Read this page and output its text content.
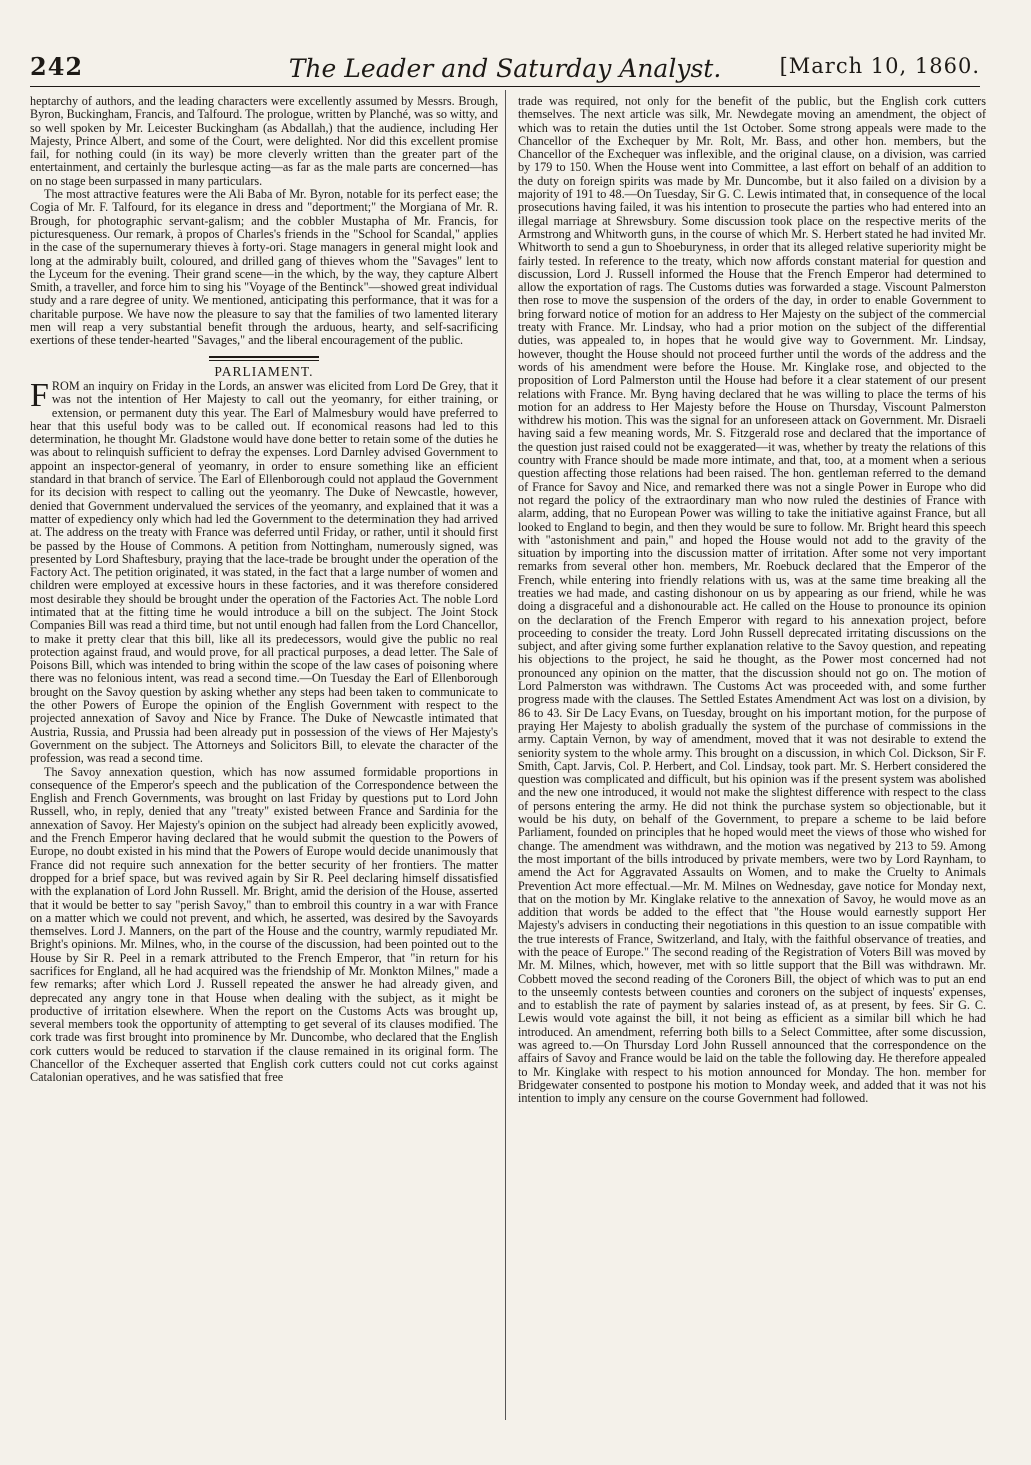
242	The Leader and Saturday Analyst.	[March 10, 1860.

heptarchy of authors, and the leading characters were excellently assumed by Messrs. Brough, Byron, Buckingham, Francis, and Talfourd. The prologue, written by Planché, was so witty, and so well spoken by Mr. Leicester Buckingham (as Abdallah,) that the audience, including Her Majesty, Prince Albert, and some of the Court, were delighted. Nor did this excellent promise fail, for nothing could (in its way) be more cleverly written than the greater part of the entertainment, and certainly the burlesque acting—as far as the male parts are concerned—has on no stage been surpassed in many particulars.

The most attractive features were the Ali Baba of Mr. Byron, notable for its perfect ease; the Cogia of Mr. F. Talfourd, for its elegance in dress and "deportment;" the Morgiana of Mr. R. Brough, for photographic servant-galism; and the cobbler Mustapha of Mr. Francis, for picturesqueness. Our remark, à propos of Charles's friends in the "School for Scandal," applies in the case of the supernumerary thieves à forty-ori. Stage managers in general might look and long at the admirably built, coloured, and drilled gang of thieves whom the "Savages" lent to the Lyceum for the evening. Their grand scene—in the which, by the way, they capture Albert Smith, a traveller, and force him to sing his "Voyage of the Bentinck"—showed great individual study and a rare degree of unity. We mentioned, anticipating this performance, that it was for a charitable purpose. We have now the pleasure to say that the families of two lamented literary men will reap a very substantial benefit through the arduous, hearty, and self-sacrificing exertions of these tender-hearted "Savages," and the liberal encouragement of the public.

PARLIAMENT.

FROM an inquiry on Friday in the Lords, an answer was elicited from Lord De Grey, that it was not the intention of Her Majesty to call out the yeomanry, for either training, or extension, or permanent duty this year. The Earl of Malmesbury would have preferred to hear that this useful body was to be called out. If economical reasons had led to this determination, he thought Mr. Gladstone would have done better to retain some of the duties he was about to relinquish sufficient to defray the expenses. Lord Darnley advised Government to appoint an inspector-general of yeomanry, in order to ensure something like an efficient standard in that branch of service. The Earl of Ellenborough could not applaud the Government for its decision with respect to calling out the yeomanry. The Duke of Newcastle, however, denied that Government undervalued the services of the yeomanry, and explained that it was a matter of expediency only which had led the Government to the determination they had arrived at. The address on the treaty with France was deferred until Friday, or rather, until it should first be passed by the House of Commons. A petition from Nottingham, numerously signed, was presented by Lord Shaftesbury, praying that the lace-trade be brought under the operation of the Factory Act. The petition originated, it was stated, in the fact that a large number of women and children were employed at excessive hours in these factories, and it was therefore considered most desirable they should be brought under the operation of the Factories Act. The noble Lord intimated that at the fitting time he would introduce a bill on the subject. The Joint Stock Companies Bill was read a third time, but not until enough had fallen from the Lord Chancellor, to make it pretty clear that this bill, like all its predecessors, would give the public no real protection against fraud, and would prove, for all practical purposes, a dead letter. The Sale of Poisons Bill, which was intended to bring within the scope of the law cases of poisoning where there was no felonious intent, was read a second time.—On Tuesday the Earl of Ellenborough brought on the Savoy question by asking whether any steps had been taken to communicate to the other Powers of Europe the opinion of the English Government with respect to the projected annexation of Savoy and Nice by France. The Duke of Newcastle intimated that Austria, Russia, and Prussia had been already put in possession of the views of Her Majesty's Government on the subject. The Attorneys and Solicitors Bill, to elevate the character of the profession, was read a second time.

The Savoy annexation question, which has now assumed formidable proportions in consequence of the Emperor's speech and the publication of the Correspondence between the English and French Governments, was brought on last Friday by questions put to Lord John Russell, who, in reply, denied that any "treaty" existed between France and Sardinia for the annexation of Savoy. Her Majesty's opinion on the subject had already been explicitly avowed, and the French Emperor having declared that he would submit the question to the Powers of Europe, no doubt existed in his mind that the Powers of Europe would decide unanimously that France did not require such annexation for the better security of her frontiers. The matter dropped for a brief space, but was revived again by Sir R. Peel declaring himself dissatisfied with the explanation of Lord John Russell. Mr. Bright, amid the derision of the House, asserted that it would be better to say "perish Savoy," than to embroil this country in a war with France on a matter which we could not prevent, and which, he asserted, was desired by the Savoyards themselves. Lord J. Manners, on the part of the House and the country, warmly repudiated Mr. Bright's opinions. Mr. Milnes, who, in the course of the discussion, had been pointed out to the House by Sir R. Peel in a remark attributed to the French Emperor, that "in return for his sacrifices for England, all he had acquired was the friendship of Mr. Monkton Milnes," made a few remarks; after which Lord J. Russell repeated the answer he had already given, and deprecated any angry tone in that House when dealing with the subject, as it might be productive of irritation elsewhere. When the report on the Customs Acts was brought up, several members took the opportunity of attempting to get several of its clauses modified. The cork trade was first brought into prominence by Mr. Duncombe, who declared that the English cork cutters would be reduced to starvation if the clause remained in its original form. The Chancellor of the Exchequer asserted that English cork cutters could not cut corks against Catalonian operatives, and he was satisfied that free

trade was required, not only for the benefit of the public, but the English cork cutters themselves. The next article was silk, Mr. Newdegate moving an amendment, the object of which was to retain the duties until the 1st October. Some strong appeals were made to the Chancellor of the Exchequer by Mr. Rolt, Mr. Bass, and other hon. members, but the Chancellor of the Exchequer was inflexible, and the original clause, on a division, was carried by 179 to 150. When the House went into Committee, a last effort on behalf of an addition to the duty on foreign spirits was made by Mr. Duncombe, but it also failed on a division by a majority of 191 to 48.—On Tuesday, Sir G. C. Lewis intimated that, in consequence of the local prosecutions having failed, it was his intention to prosecute the parties who had entered into an illegal marriage at Shrewsbury. Some discussion took place on the respective merits of the Armstrong and Whitworth guns, in the course of which Mr. S. Herbert stated he had invited Mr. Whitworth to send a gun to Shoeburyness, in order that its alleged relative superiority might be fairly tested. In reference to the treaty, which now affords constant material for question and discussion, Lord J. Russell informed the House that the French Emperor had determined to allow the exportation of rags. The Customs duties was forwarded a stage. Viscount Palmerston then rose to move the suspension of the orders of the day, in order to enable Government to bring forward notice of motion for an address to Her Majesty on the subject of the commercial treaty with France. Mr. Lindsay, who had a prior motion on the subject of the differential duties, was appealed to, in hopes that he would give way to Government. Mr. Lindsay, however, thought the House should not proceed further until the words of the address and the words of his amendment were before the House. Mr. Kinglake rose, and objected to the proposition of Lord Palmerston until the House had before it a clear statement of our present relations with France. Mr. Byng having declared that he was willing to place the terms of his motion for an address to Her Majesty before the House on Thursday, Viscount Palmerston withdrew his motion. This was the signal for an unforeseen attack on Government. Mr. Disraeli having said a few meaning words, Mr. S. Fitzgerald rose and declared that the importance of the question just raised could not be exaggerated—it was, whether by treaty the relations of this country with France should be made more intimate, and that, too, at a moment when a serious question affecting those relations had been raised. The hon. gentleman referred to the demand of France for Savoy and Nice, and remarked there was not a single Power in Europe who did not regard the policy of the extraordinary man who now ruled the destinies of France with alarm, adding, that no European Power was willing to take the initiative against France, but all looked to England to begin, and then they would be sure to follow. Mr. Bright heard this speech with "astonishment and pain," and hoped the House would not add to the gravity of the situation by importing into the discussion matter of irritation. After some not very important remarks from several other hon. members, Mr. Roebuck declared that the Emperor of the French, while entering into friendly relations with us, was at the same time breaking all the treaties we had made, and casting dishonour on us by appearing as our friend, while he was doing a disgraceful and a dishonourable act. He called on the House to pronounce its opinion on the declaration of the French Emperor with regard to his annexation project, before proceeding to consider the treaty. Lord John Russell deprecated irritating discussions on the subject, and after giving some further explanation relative to the Savoy question, and repeating his objections to the project, he said he thought, as the Power most concerned had not pronounced any opinion on the matter, that the discussion should not go on. The motion of Lord Palmerston was withdrawn. The Customs Act was proceeded with, and some further progress made with the clauses. The Settled Estates Amendment Act was lost on a division, by 86 to 43. Sir De Lacy Evans, on Tuesday, brought on his important motion, for the purpose of praying Her Majesty to abolish gradually the system of the purchase of commissions in the army. Captain Vernon, by way of amendment, moved that it was not desirable to extend the seniority system to the whole army. This brought on a discussion, in which Col. Dickson, Sir F. Smith, Capt. Jarvis, Col. P. Herbert, and Col. Lindsay, took part. Mr. S. Herbert considered the question was complicated and difficult, but his opinion was if the present system was abolished and the new one introduced, it would not make the slightest difference with respect to the class of persons entering the army. He did not think the purchase system so objectionable, but it would be his duty, on behalf of the Government, to prepare a scheme to be laid before Parliament, founded on principles that he hoped would meet the views of those who wished for change. The amendment was withdrawn, and the motion was negatived by 213 to 59. Among the most important of the bills introduced by private members, were two by Lord Raynham, to amend the Act for Aggravated Assaults on Women, and to make the Cruelty to Animals Prevention Act more effectual.—Mr. M. Milnes on Wednesday, gave notice for Monday next, that on the motion by Mr. Kinglake relative to the annexation of Savoy, he would move as an addition that words be added to the effect that "the House would earnestly support Her Majesty's advisers in conducting their negotiations in this question to an issue compatible with the true interests of France, Switzerland, and Italy, with the faithful observance of treaties, and with the peace of Europe." The second reading of the Registration of Voters Bill was moved by Mr. M. Milnes, which, however, met with so little support that the Bill was withdrawn. Mr. Cobbett moved the second reading of the Coroners Bill, the object of which was to put an end to the unseemly contests between counties and coroners on the subject of inquests' expenses, and to establish the rate of payment by salaries instead of, as at present, by fees. Sir G. C. Lewis would vote against the bill, it not being as efficient as a similar bill which he had introduced. An amendment, referring both bills to a Select Committee, after some discussion, was agreed to.—On Thursday Lord John Russell announced that the correspondence on the affairs of Savoy and France would be laid on the table the following day. He therefore appealed to Mr. Kinglake with respect to his motion announced for Monday. The hon. member for Bridgewater consented to postpone his motion to Monday week, and added that it was not his intention to imply any censure on the course Government had followed.
